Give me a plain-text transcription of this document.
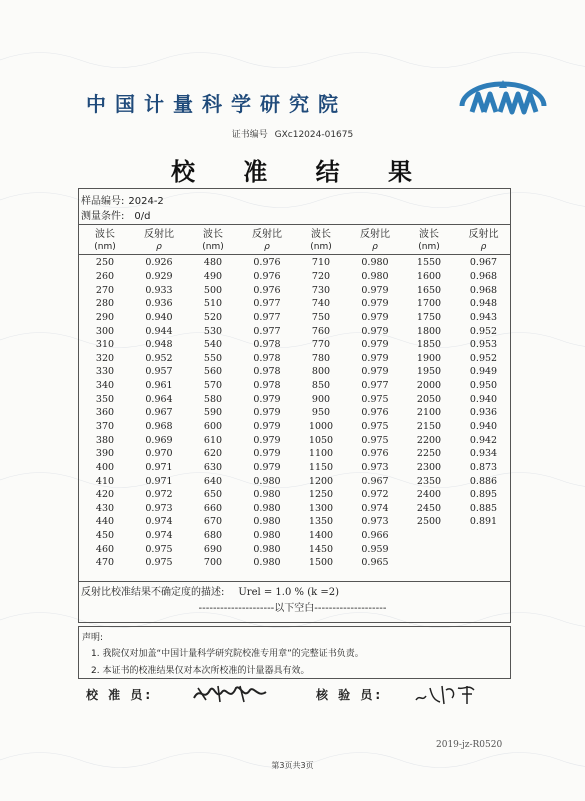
中国计量科学研究院
证书编号 GXc12024-01675
校 准 结 果
样品编号: 2024-2
测量条件: 0/d
波长	反射比	波长	反射比	波长	反射比	波长	反射比
(nm)	ρ	(nm)	ρ	(nm)	ρ	(nm)	ρ
250	0.926	480	0.976	710	0.980	1550	0.967
260	0.929	490	0.976	720	0.980	1600	0.968
270	0.933	500	0.976	730	0.979	1650	0.968
280	0.936	510	0.977	740	0.979	1700	0.948
290	0.940	520	0.977	750	0.979	1750	0.943
300	0.944	530	0.977	760	0.979	1800	0.952
310	0.948	540	0.978	770	0.979	1850	0.953
320	0.952	550	0.978	780	0.979	1900	0.952
330	0.957	560	0.978	800	0.979	1950	0.949
340	0.961	570	0.978	850	0.977	2000	0.950
350	0.964	580	0.979	900	0.975	2050	0.940
360	0.967	590	0.979	950	0.976	2100	0.936
370	0.968	600	0.979	1000	0.975	2150	0.940
380	0.969	610	0.979	1050	0.975	2200	0.942
390	0.970	620	0.979	1100	0.976	2250	0.934
400	0.971	630	0.979	1150	0.973	2300	0.873
410	0.971	640	0.980	1200	0.967	2350	0.886
420	0.972	650	0.980	1250	0.972	2400	0.895
430	0.973	660	0.980	1300	0.974	2450	0.885
440	0.974	670	0.980	1350	0.973	2500	0.891
450	0.974	680	0.980	1400	0.966		
460	0.975	690	0.980	1450	0.959		
470	0.975	700	0.980	1500	0.965		
反射比校准结果不确定度的描述: Urel = 1.0 % (k =2)
---------------------以下空白--------------------
声明:
1. 我院仅对加盖“中国计量科学研究院校准专用章”的完整证书负责。
2. 本证书的校准结果仅对本次所校准的计量器具有效。
校 准 员:	核 验 员:
2019-jz-R0520
第3页共3页
